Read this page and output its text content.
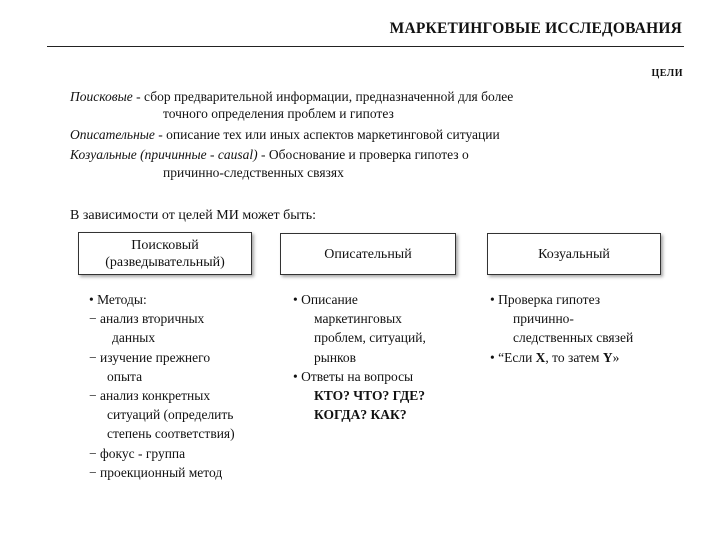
МАРКЕТИНГОВЫЕ ИССЛЕДОВАНИЯ
ЦЕЛИ
Поисковые - сбор предварительной информации, предназначенной для более
точного определения проблем и гипотез
Описательные - описание тех или иных аспектов маркетинговой ситуации
Козуальные (причинные - causal) - Обоснование и проверка гипотез о
причинно-следственных связях
В зависимости от целей МИ может быть:
Поисковый
(разведывательный)
Описательный	Козуальный
• Методы:
− анализ вторичных
данных
− изучение прежнего
опыта
− анализ конкретных
ситуаций (определить
степень соответствия)
− фокус - группа
− проекционный метод
• Описание
маркетинговых
проблем, ситуаций,
рынков
• Ответы на вопросы
КТО? ЧТО? ГДЕ?
КОГДА? КАК?
• Проверка гипотез
причинно-
следственных связей
• “Если X, то затем Y»
